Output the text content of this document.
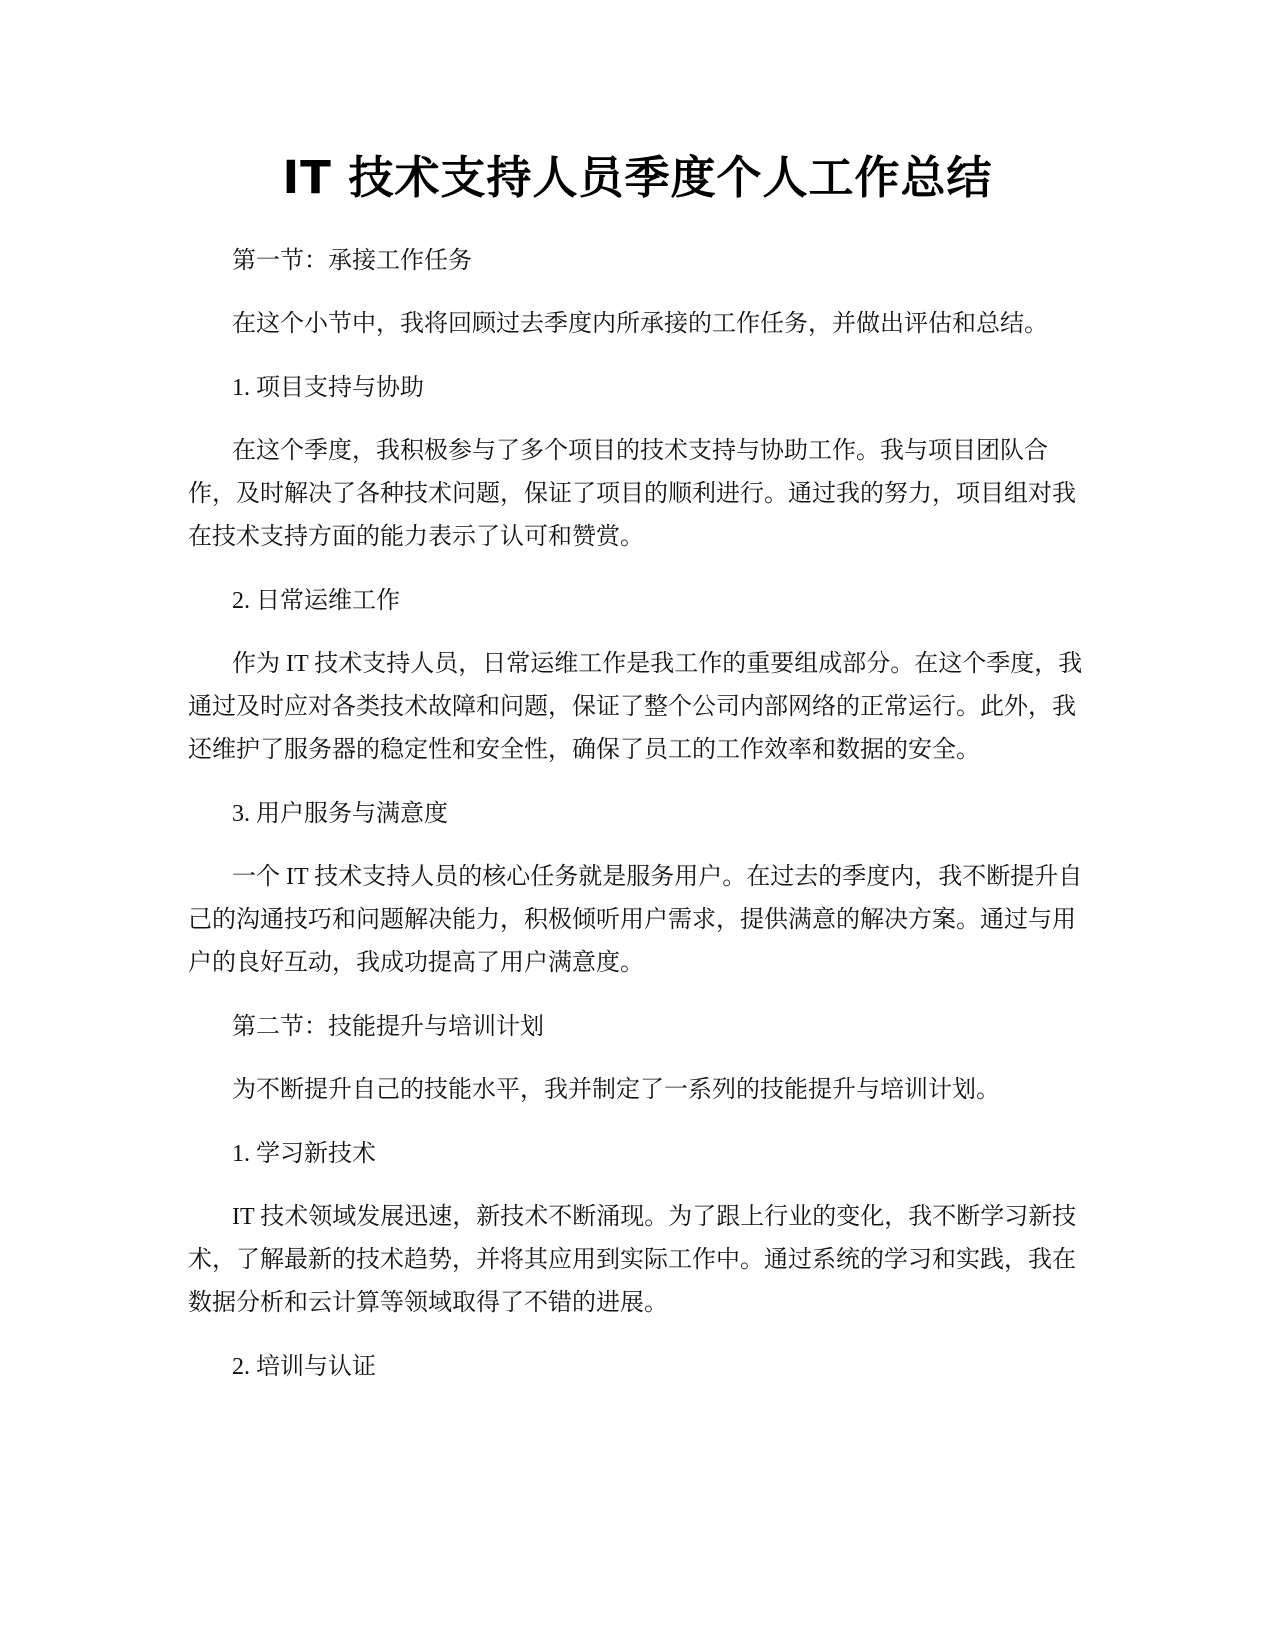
IT 技术支持人员季度个人工作总结

第一节：承接工作任务

在这个小节中，我将回顾过去季度内所承接的工作任务，并做出评估和总结。

1. 项目支持与协助

在这个季度，我积极参与了多个项目的技术支持与协助工作。我与项目团队合作，及时解决了各种技术问题，保证了项目的顺利进行。通过我的努力，项目组对我在技术支持方面的能力表示了认可和赞赏。

2. 日常运维工作

作为 IT 技术支持人员，日常运维工作是我工作的重要组成部分。在这个季度，我通过及时应对各类技术故障和问题，保证了整个公司内部网络的正常运行。此外，我还维护了服务器的稳定性和安全性，确保了员工的工作效率和数据的安全。

3. 用户服务与满意度

一个 IT 技术支持人员的核心任务就是服务用户。在过去的季度内，我不断提升自己的沟通技巧和问题解决能力，积极倾听用户需求，提供满意的解决方案。通过与用户的良好互动，我成功提高了用户满意度。

第二节：技能提升与培训计划

为不断提升自己的技能水平，我并制定了一系列的技能提升与培训计划。

1. 学习新技术

IT 技术领域发展迅速，新技术不断涌现。为了跟上行业的变化，我不断学习新技术，了解最新的技术趋势，并将其应用到实际工作中。通过系统的学习和实践，我在数据分析和云计算等领域取得了不错的进展。

2. 培训与认证
